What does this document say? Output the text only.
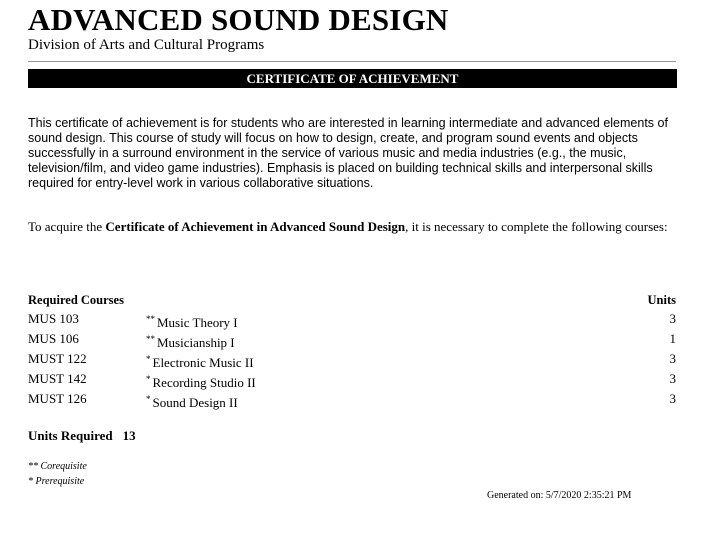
ADVANCED SOUND DESIGN
Division of Arts and Cultural Programs
CERTIFICATE OF ACHIEVEMENT
This certificate of achievement is for students who are interested in learning intermediate and advanced elements of sound design. This course of study will focus on how to design, create, and program sound events and objects successfully in a surround environment in the service of various music and media industries (e.g., the music, television/film, and video game industries). Emphasis is placed on building technical skills and interpersonal skills required for entry-level work in various collaborative situations.
To acquire the Certificate of Achievement in Advanced Sound Design, it is necessary to complete the following courses:
Required Courses	Units
MUS 103	** Music Theory I	3
MUS 106	** Musicianship I	1
MUST 122	* Electronic Music II	3
MUST 142	* Recording Studio II	3
MUST 126	* Sound Design II	3
Units Required 13
** Corequisite
* Prerequisite
Generated on: 5/7/2020 2:35:21 PM
